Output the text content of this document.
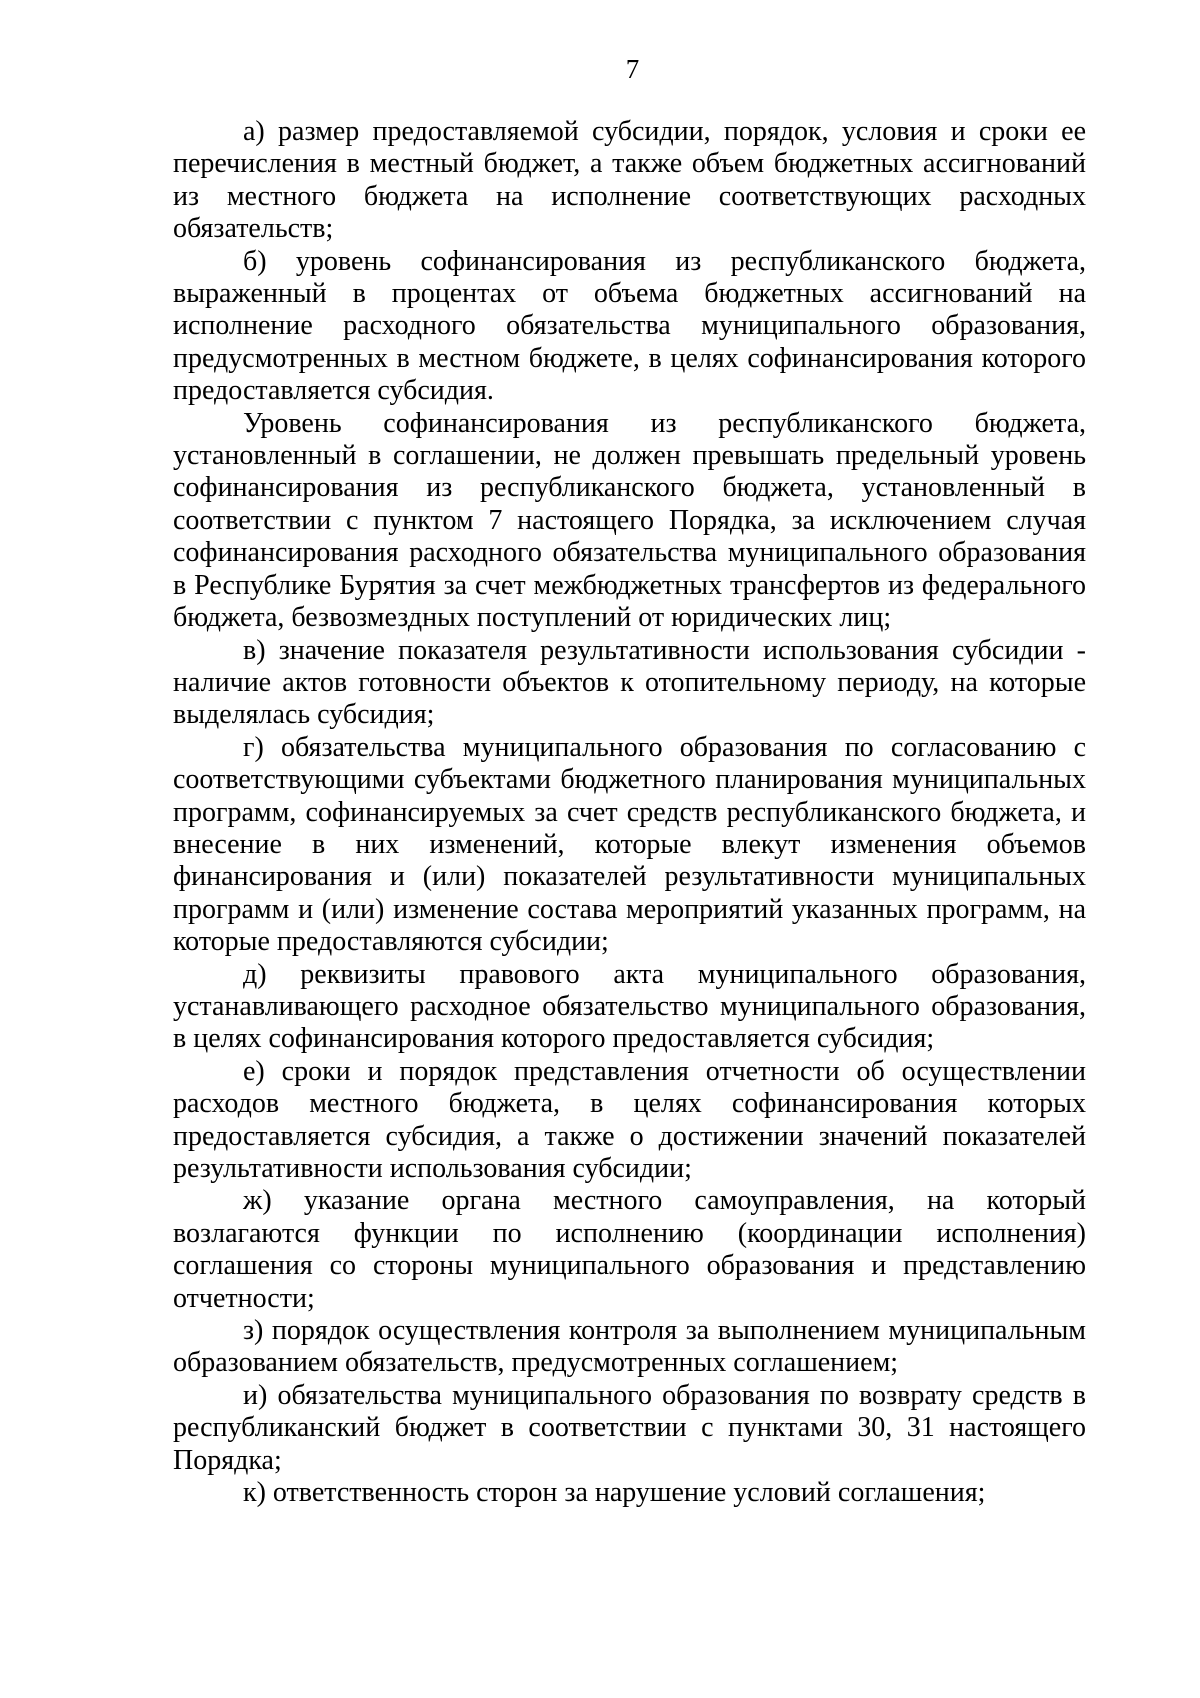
7

а) размер предоставляемой субсидии, порядок, условия и сроки ее перечисления в местный бюджет, а также объем бюджетных ассигнований из местного бюджета на исполнение соответствующих расходных обязательств;

б) уровень софинансирования из республиканского бюджета, выраженный в процентах от объема бюджетных ассигнований на исполнение расходного обязательства муниципального образования, предусмотренных в местном бюджете, в целях софинансирования которого предоставляется субсидия.

Уровень софинансирования из республиканского бюджета, установленный в соглашении, не должен превышать предельный уровень софинансирования из республиканского бюджета, установленный в соответствии с пунктом 7 настоящего Порядка, за исключением случая софинансирования расходного обязательства муниципального образования в Республике Бурятия за счет межбюджетных трансфертов из федерального бюджета, безвозмездных поступлений от юридических лиц;

в) значение показателя результативности использования субсидии - наличие актов готовности объектов к отопительному периоду, на которые выделялась субсидия;

г) обязательства муниципального образования по согласованию с соответствующими субъектами бюджетного планирования муниципальных программ, софинансируемых за счет средств республиканского бюджета, и внесение в них изменений, которые влекут изменения объемов финансирования и (или) показателей результативности муниципальных программ и (или) изменение состава мероприятий указанных программ, на которые предоставляются субсидии;

д) реквизиты правового акта муниципального образования, устанавливающего расходное обязательство муниципального образования, в целях софинансирования которого предоставляется субсидия;

е) сроки и порядок представления отчетности об осуществлении расходов местного бюджета, в целях софинансирования которых предоставляется субсидия, а также о достижении значений показателей результативности использования субсидии;

ж) указание органа местного самоуправления, на который возлагаются функции по исполнению (координации исполнения) соглашения со стороны муниципального образования и представлению отчетности;

з) порядок осуществления контроля за выполнением муниципальным образованием обязательств, предусмотренных соглашением;

и) обязательства муниципального образования по возврату средств в республиканский бюджет в соответствии с пунктами 30, 31 настоящего Порядка;

к) ответственность сторон за нарушение условий соглашения;
